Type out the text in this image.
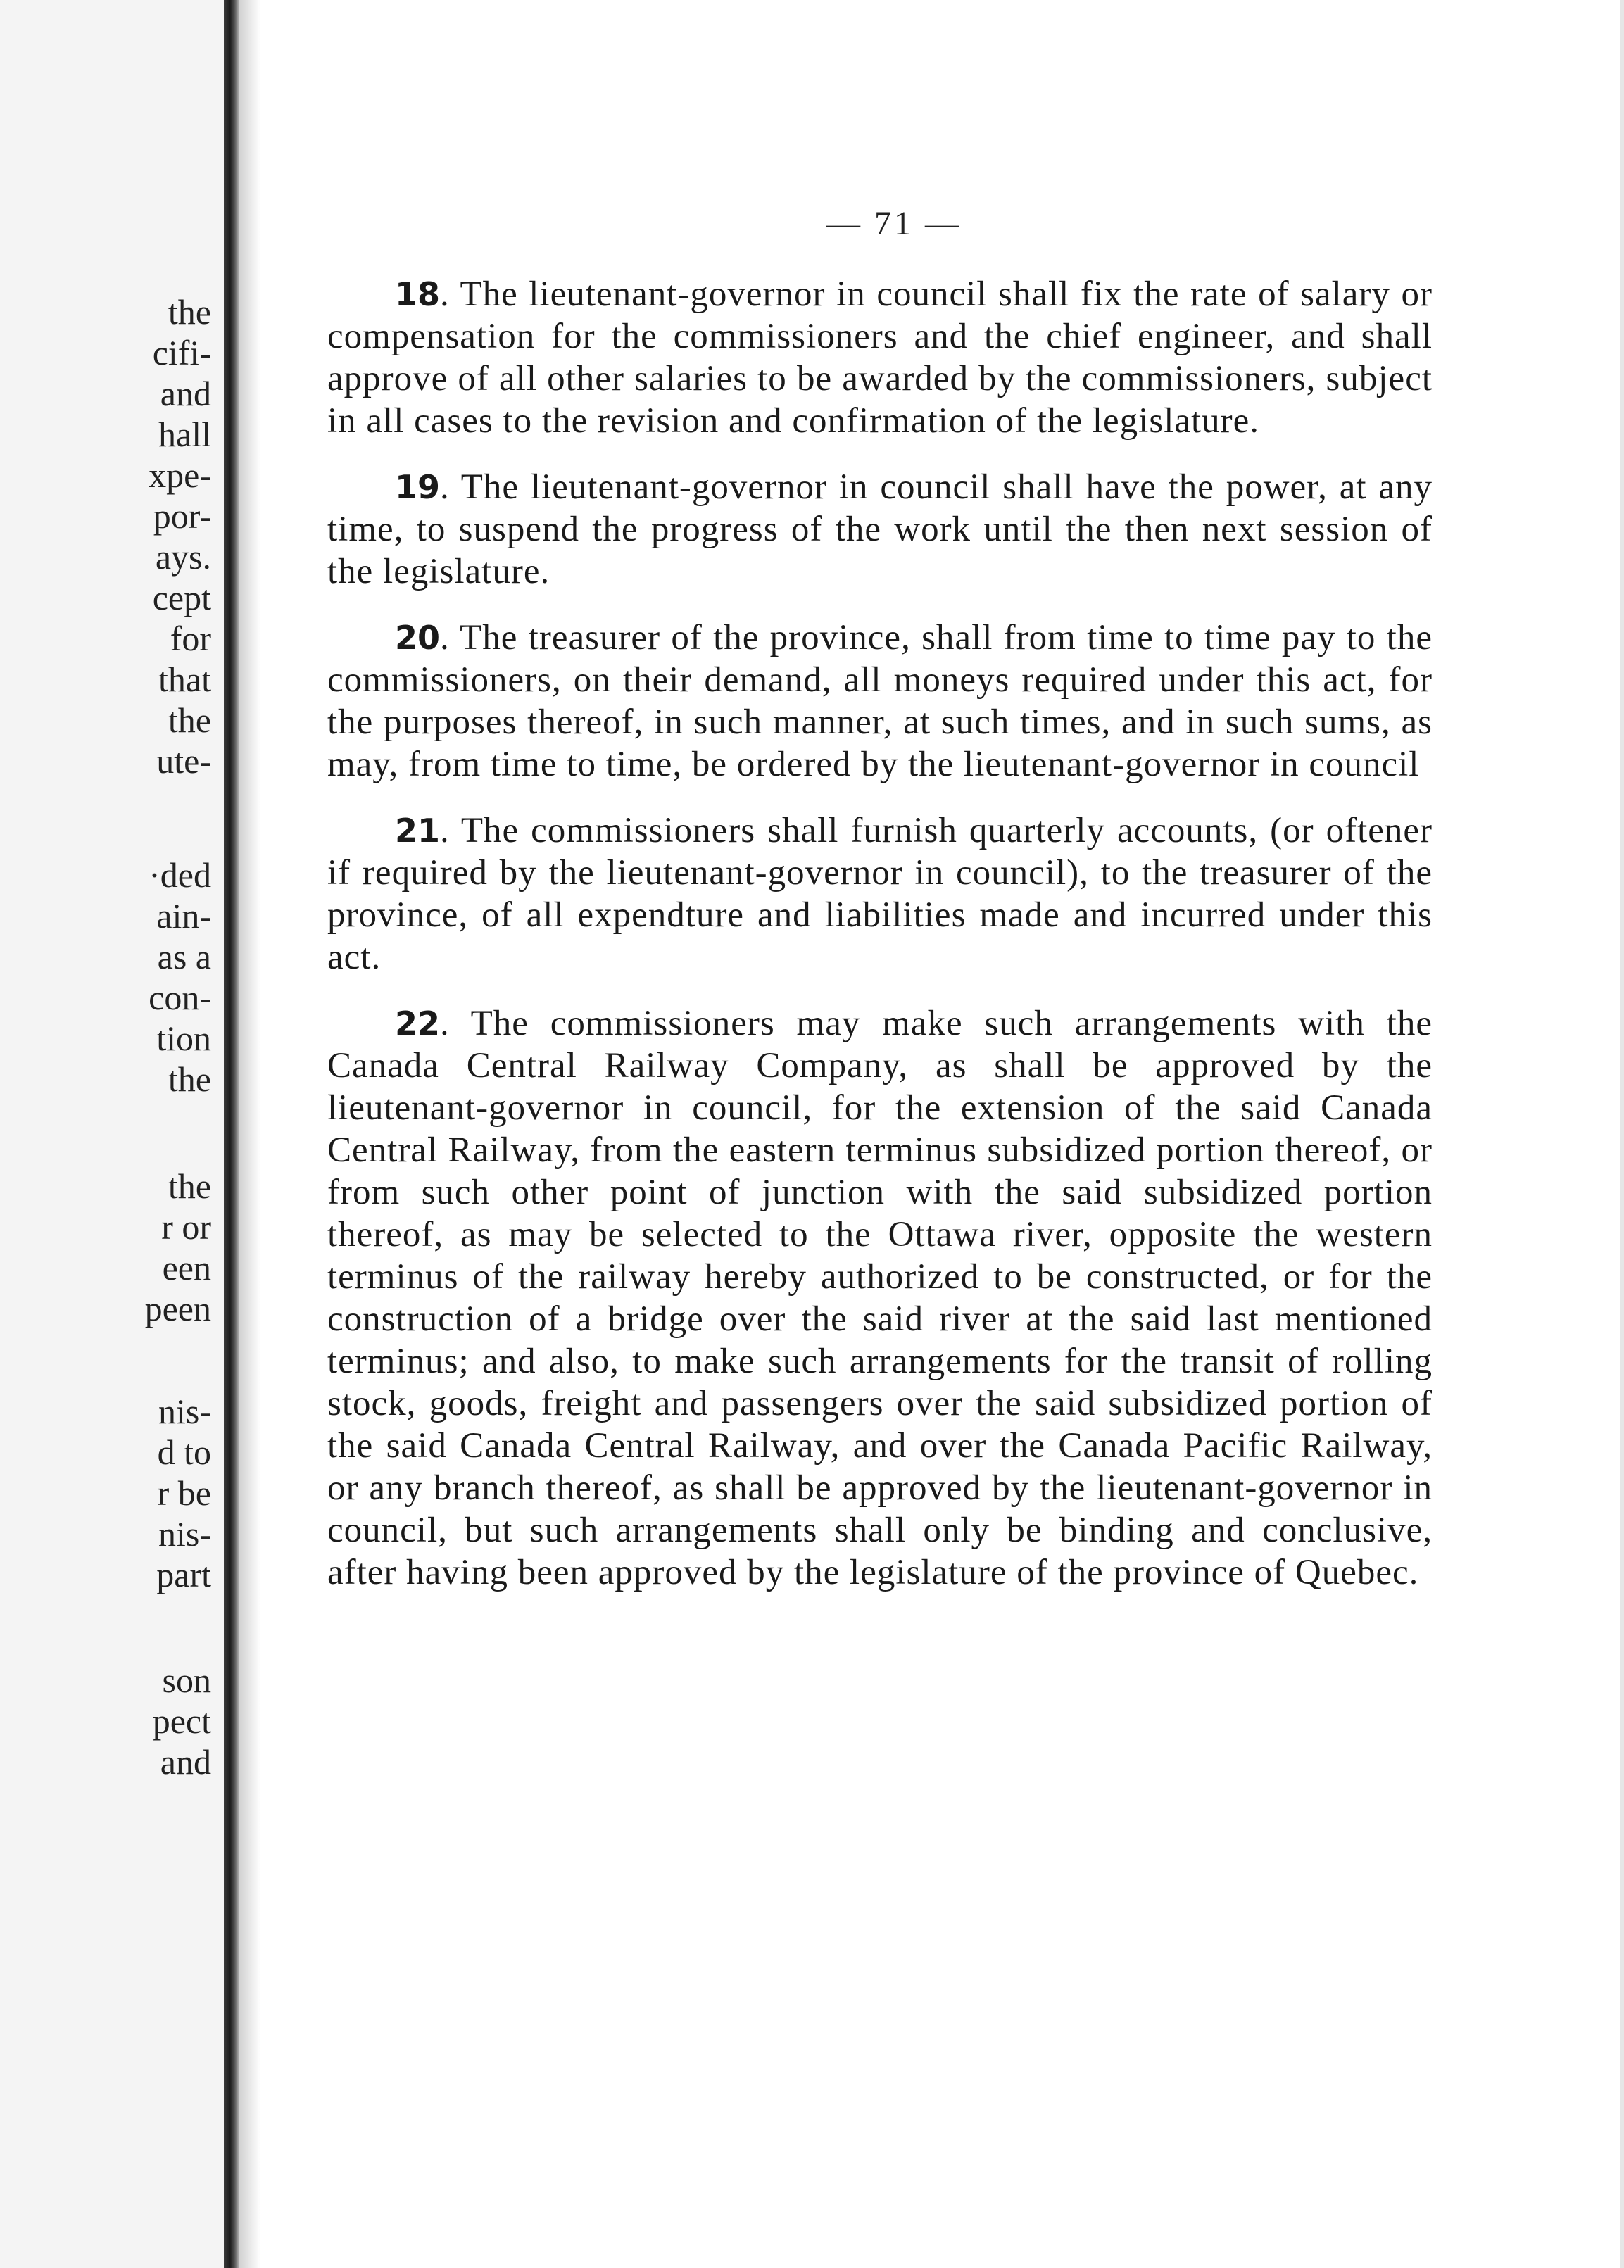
the
cifi-
and
hall
xpe-
por-
ays.
cept
for
that
the
ute-
·ded
ain-
as a
con-
tion
the
the
r or
een
peen
nis-
d to
r be
nis-
part
son
pect
and
— 71 —

18. The lieutenant-governor in council shall fix the rate of salary or compensation for the commissioners and the chief engineer, and shall approve of all other salaries to be awarded by the commissioners, subject in all cases to the revision and confirmation of the legislature.

19. The lieutenant-governor in council shall have the power, at any time, to suspend the progress of the work until the then next session of the legislature.

20. The treasurer of the province, shall from time to time pay to the commissioners, on their demand, all moneys required under this act, for the purposes thereof, in such manner, at such times, and in such sums, as may, from time to time, be ordered by the lieutenant-governor in council

21. The commissioners shall furnish quarterly accounts, (or oftener if required by the lieutenant-governor in council), to the treasurer of the province, of all expendture and liabilities made and incurred under this act.

22. The commissioners may make such arrangements with the Canada Central Railway Company, as shall be approved by the lieutenant-governor in council, for the extension of the said Canada Central Railway, from the eastern terminus subsidized portion thereof, or from such other point of junction with the said subsidized portion thereof, as may be selected to the Ottawa river, opposite the western terminus of the railway hereby authorized to be constructed, or for the construction of a bridge over the said river at the said last mentioned terminus; and also, to make such arrangements for the transit of rolling stock, goods, freight and passengers over the said subsidized portion of the said Canada Central Railway, and over the Canada Pacific Railway, or any branch thereof, as shall be approved by the lieutenant-governor in council, but such arrangements shall only be binding and conclusive, after having been approved by the legislature of the province of Quebec.
